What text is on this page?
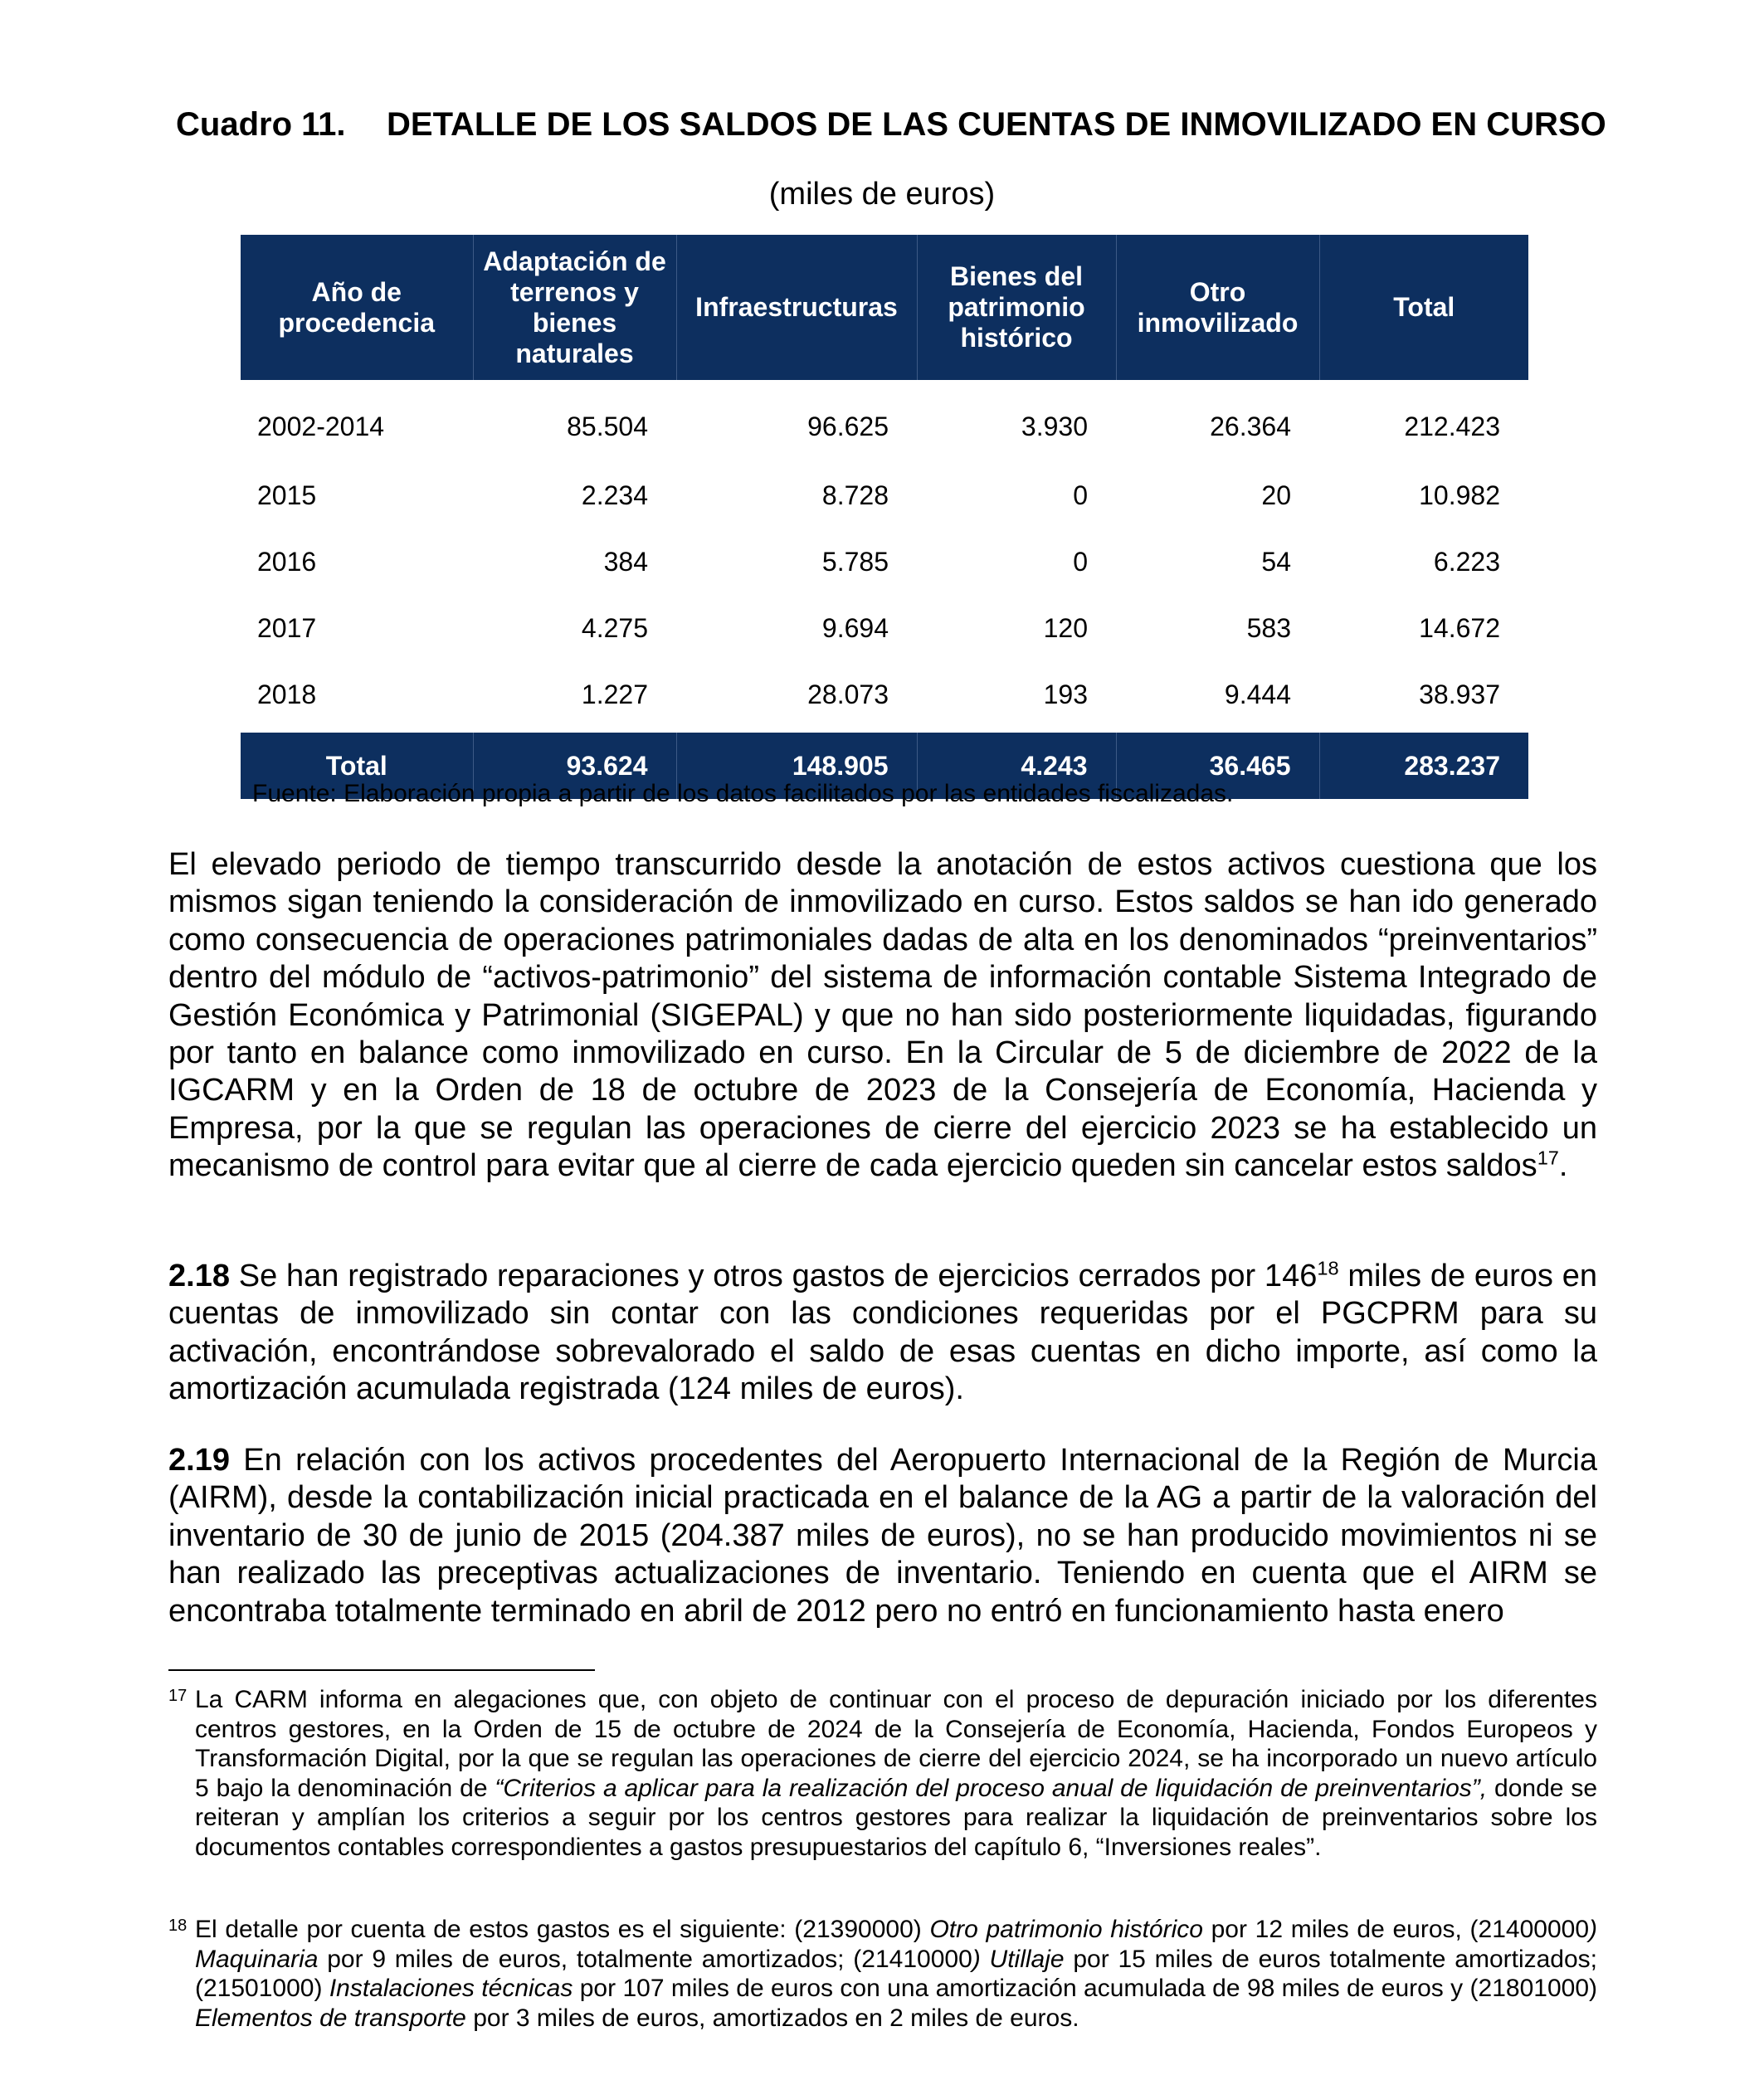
Cuadro 11. DETALLE DE LOS SALDOS DE LAS CUENTAS DE INMOVILIZADO EN CURSO
(miles de euros)
Año de procedencia	Adaptación de terrenos y bienes naturales	Infraestructuras	Bienes del patrimonio histórico	Otro inmovilizado	Total
2002-2014	85.504	96.625	3.930	26.364	212.423
2015	2.234	8.728	0	20	10.982
2016	384	5.785	0	54	6.223
2017	4.275	9.694	120	583	14.672
2018	1.227	28.073	193	9.444	38.937
Total	93.624	148.905	4.243	36.465	283.237
Fuente: Elaboración propia a partir de los datos facilitados por las entidades fiscalizadas.
El elevado periodo de tiempo transcurrido desde la anotación de estos activos cuestiona que los mismos sigan teniendo la consideración de inmovilizado en curso. Estos saldos se han ido generado como consecuencia de operaciones patrimoniales dadas de alta en los denominados “preinventarios” dentro del módulo de “activos-patrimonio” del sistema de información contable Sistema Integrado de Gestión Económica y Patrimonial (SIGEPAL) y que no han sido posteriormente liquidadas, figurando por tanto en balance como inmovilizado en curso. En la Circular de 5 de diciembre de 2022 de la IGCARM y en la Orden de 18 de octubre de 2023 de la Consejería de Economía, Hacienda y Empresa, por la que se regulan las operaciones de cierre del ejercicio 2023 se ha establecido un mecanismo de control para evitar que al cierre de cada ejercicio queden sin cancelar estos saldos$^{17}$.
2.18 Se han registrado reparaciones y otros gastos de ejercicios cerrados por $146^{18}$ miles de euros en cuentas de inmovilizado sin contar con las condiciones requeridas por el PGCPRM para su activación, encontrándose sobrevalorado el saldo de esas cuentas en dicho importe, así como la amortización acumulada registrada (124 miles de euros).
2.19 En relación con los activos procedentes del Aeropuerto Internacional de la Región de Murcia (AIRM), desde la contabilización inicial practicada en el balance de la AG a partir de la valoración del inventario de 30 de junio de 2015 (204.387 miles de euros), no se han producido movimientos ni se han realizado las preceptivas actualizaciones de inventario. Teniendo en cuenta que el AIRM se encontraba totalmente terminado en abril de 2012 pero no entró en funcionamiento hasta enero
17 La CARM informa en alegaciones que, con objeto de continuar con el proceso de depuración iniciado por los diferentes centros gestores, en la Orden de 15 de octubre de 2024 de la Consejería de Economía, Hacienda, Fondos Europeos y Transformación Digital, por la que se regulan las operaciones de cierre del ejercicio 2024, se ha incorporado un nuevo artículo 5 bajo la denominación de “Criterios a aplicar para la realización del proceso anual de liquidación de preinventarios”, donde se reiteran y amplían los criterios a seguir por los centros gestores para realizar la liquidación de preinventarios sobre los documentos contables correspondientes a gastos presupuestarios del capítulo 6, “Inversiones reales”.
18 El detalle por cuenta de estos gastos es el siguiente: (21390000) Otro patrimonio histórico por 12 miles de euros, (21400000) Maquinaria por 9 miles de euros, totalmente amortizados; (21410000) Utillaje por 15 miles de euros totalmente amortizados; (21501000) Instalaciones técnicas por 107 miles de euros con una amortización acumulada de 98 miles de euros y (21801000) Elementos de transporte por 3 miles de euros, amortizados en 2 miles de euros.
